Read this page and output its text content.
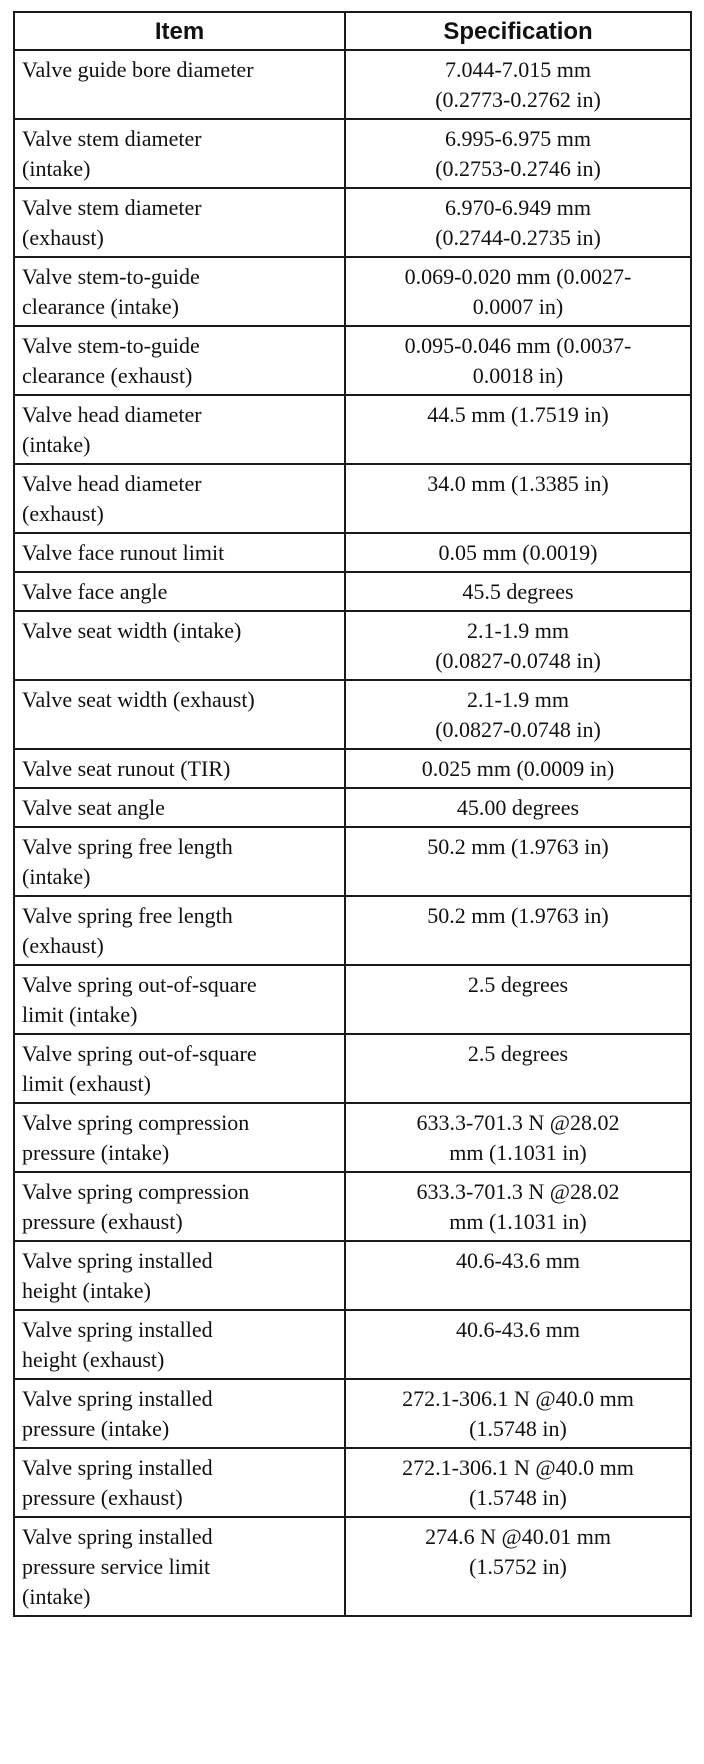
Item	Specification

Valve guide bore diameter	7.044-7.015 mm
(0.2773-0.2762 in)

Valve stem diameter
(intake)	6.995-6.975 mm
(0.2753-0.2746 in)

Valve stem diameter
(exhaust)	6.970-6.949 mm
(0.2744-0.2735 in)

Valve stem-to-guide
clearance (intake)	0.069-0.020 mm (0.0027-
0.0007 in)

Valve stem-to-guide
clearance (exhaust)	0.095-0.046 mm (0.0037-
0.0018 in)

Valve head diameter
(intake)	44.5 mm (1.7519 in)

Valve head diameter
(exhaust)	34.0 mm (1.3385 in)

Valve face runout limit	0.05 mm (0.0019)

Valve face angle	45.5 degrees

Valve seat width (intake)	2.1-1.9 mm
(0.0827-0.0748 in)

Valve seat width (exhaust)	2.1-1.9 mm
(0.0827-0.0748 in)

Valve seat runout (TIR)	0.025 mm (0.0009 in)

Valve seat angle	45.00 degrees

Valve spring free length
(intake)	50.2 mm (1.9763 in)

Valve spring free length
(exhaust)	50.2 mm (1.9763 in)

Valve spring out-of-square
limit (intake)	2.5 degrees

Valve spring out-of-square
limit (exhaust)	2.5 degrees

Valve spring compression
pressure (intake)	633.3-701.3 N @28.02
mm (1.1031 in)

Valve spring compression
pressure (exhaust)	633.3-701.3 N @28.02
mm (1.1031 in)

Valve spring installed
height (intake)	40.6-43.6 mm

Valve spring installed
height (exhaust)	40.6-43.6 mm

Valve spring installed
pressure (intake)	272.1-306.1 N @40.0 mm
(1.5748 in)

Valve spring installed
pressure (exhaust)	272.1-306.1 N @40.0 mm
(1.5748 in)

Valve spring installed
pressure service limit
(intake)	274.6 N @40.01 mm
(1.5752 in)
